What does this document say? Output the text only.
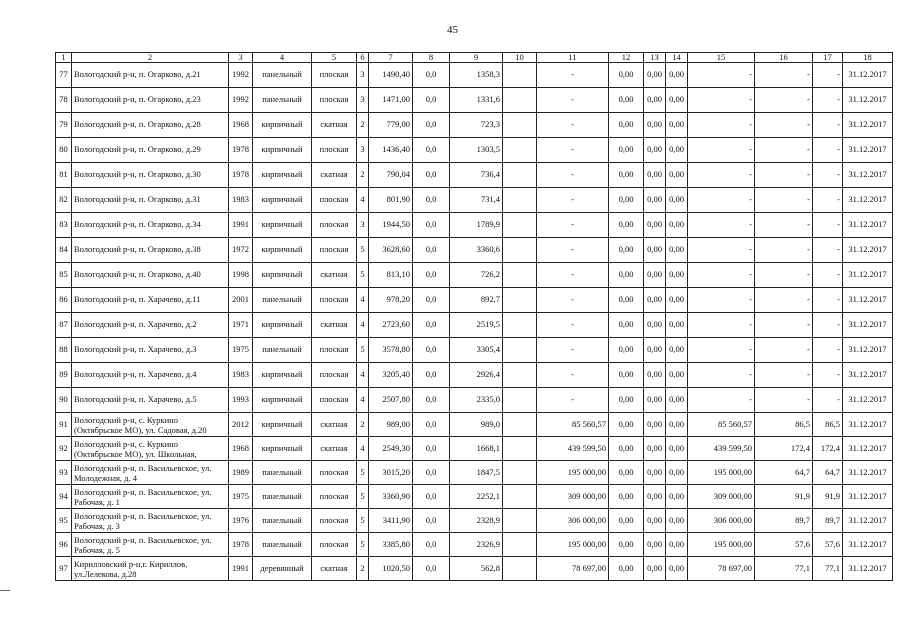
45
1	2	3	4	5	6	7	8	9	10	11	12	13	14	15	16	17	18
77	Вологодский р-н, п. Огарково, д.21	1992	панельный	плоская	3	1490,40	0,0	1358,3		-	0,00	0,00	0,00	-	-	-	31.12.2017
78	Вологодский р-н, п. Огарково, д.23	1992	панельный	плоская	3	1471,00	0,0	1331,6		-	0,00	0,00	0,00	-	-	-	31.12.2017
79	Вологодский р-н, п. Огарково, д.28	1968	кирпичный	скатная	2	779,00	0,0	723,3		-	0,00	0,00	0,00	-	-	-	31.12.2017
80	Вологодский р-н, п. Огарково, д.29	1978	кирпичный	плоская	3	1436,40	0,0	1303,5		-	0,00	0,00	0,00	-	-	-	31.12.2017
81	Вологодский р-н, п. Огарково, д.30	1978	кирпичный	скатная	2	790,04	0,0	736,4		-	0,00	0,00	0,00	-	-	-	31.12.2017
82	Вологодский р-н, п. Огарково, д.31	1983	кирпичный	плоская	4	801,90	0,0	731,4		-	0,00	0,00	0,00	-	-	-	31.12.2017
83	Вологодский р-н, п. Огарково, д.34	1991	кирпичный	плоская	3	1944,50	0,0	1789,9		-	0,00	0,00	0,00	-	-	-	31.12.2017
84	Вологодский р-н, п. Огарково, д.38	1972	кирпичный	плоская	5	3628,60	0,0	3360,6		-	0,00	0,00	0,00	-	-	-	31.12.2017
85	Вологодский р-н, п. Огарково, д.40	1998	кирпичный	скатная	5	813,10	0,0	726,2		-	0,00	0,00	0,00	-	-	-	31.12.2017
86	Вологодский р-н, п. Харачево, д.11	2001	панельный	плоская	4	978,20	0,0	892,7		-	0,00	0,00	0,00	-	-	-	31.12.2017
87	Вологодский р-н, п. Харачево, д.2	1971	кирпичный	скатная	4	2723,60	0,0	2519,5		-	0,00	0,00	0,00	-	-	-	31.12.2017
88	Вологодский р-н, п. Харачево, д.3	1975	панельный	плоская	5	3578,80	0,0	3305,4		-	0,00	0,00	0,00	-	-	-	31.12.2017
89	Вологодский р-н, п. Харачево, д.4	1983	кирпичный	плоская	4	3205,40	0,0	2926,4		-	0,00	0,00	0,00	-	-	-	31.12.2017
90	Вологодский р-н, п. Харачево, д.5	1993	кирпичный	плоская	4	2507,80	0,0	2335,0		-	0,00	0,00	0,00	-	-	-	31.12.2017
91	Вологодский р-н, с. Куркино (Октябрьское МО), ул. Садовая, д.20	2012	кирпичный	скатная	2	989,00	0,0	989,0		85 560,57	0,00	0,00	0,00	85 560,57	86,5	86,5	31.12.2017
92	Вологодский р-н, с. Куркино (Октябрьское МО), ул. Школьная,	1968	кирпичный	скатная	4	2549,30	0,0	1668,1		439 599,50	0,00	0,00	0,00	439 599,50	172,4	172,4	31.12.2017
93	Вологодский р-н, п. Васильевское, ул. Молодежная, д. 4	1989	панельный	плоская	5	3015,20	0,0	1847,5		195 000,00	0,00	0,00	0,00	195 000,00	64,7	64,7	31.12.2017
94	Вологодский р-н, п. Васильевское, ул. Рабочая, д. 1	1975	панельный	плоская	5	3360,90	0,0	2252,1		309 000,00	0,00	0,00	0,00	309 000,00	91,9	91,9	31.12.2017
95	Вологодский р-н, п. Васильевское, ул. Рабочая, д. 3	1976	панельный	плоская	5	3411,90	0,0	2328,9		306 000,00	0,00	0,00	0,00	306 000,00	89,7	89,7	31.12.2017
96	Вологодский р-н, п. Васильевское, ул. Рабочая, д. 5	1978	панельный	плоская	5	3385,80	0,0	2326,9		195 000,00	0,00	0,00	0,00	195 000,00	57,6	57,6	31.12.2017
97	Кирилловский р-н,г. Кириллов, ул.Лелекова, д.28	1991	деревянный	скатная	2	1020,50	0,0	562,8		78 697,00	0,00	0,00	0,00	78 697,00	77,1	77,1	31.12.2017
